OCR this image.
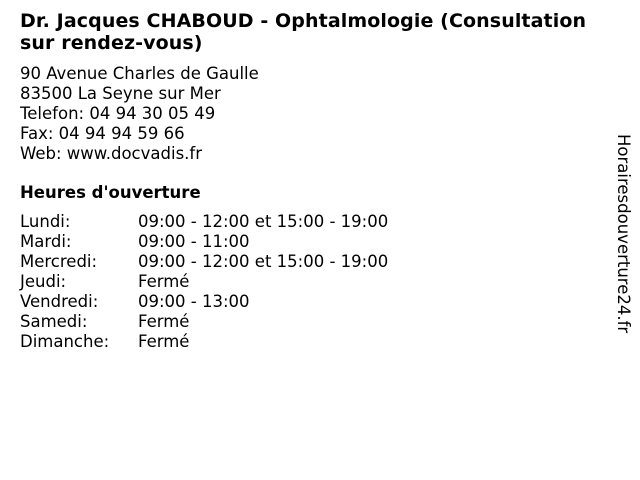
Dr. Jacques CHABOUD - Ophtalmologie (Consultation sur rendez-vous)
90 Avenue Charles de Gaulle
83500 La Seyne sur Mer
Telefon: 04 94 30 05 49
Fax: 04 94 94 59 66
Web: www.docvadis.fr
Heures d'ouverture
Lundi:	09:00 - 12:00 et 15:00 - 19:00
Mardi:	09:00 - 11:00
Mercredi:	09:00 - 12:00 et 15:00 - 19:00
Jeudi:	Fermé
Vendredi:	09:00 - 13:00
Samedi:	Fermé
Dimanche:	Fermé
Horairesdouverture24.fr
